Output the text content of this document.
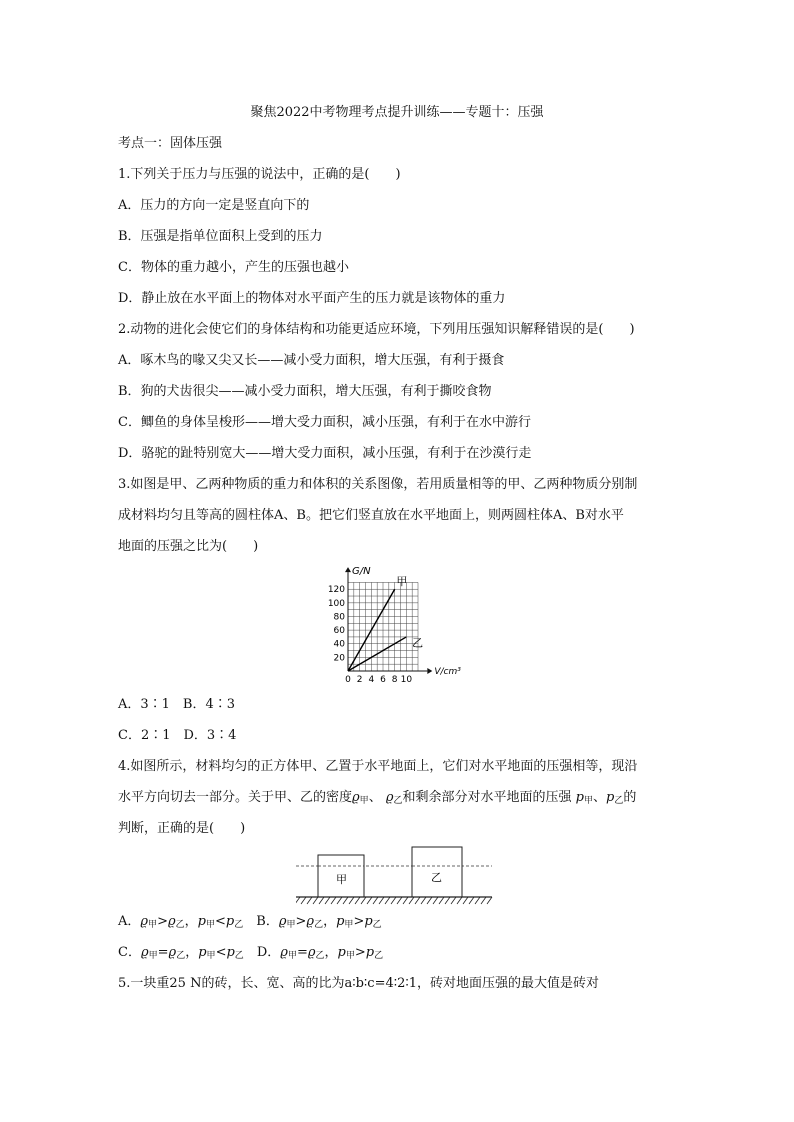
聚焦2022中考物理考点提升训练——专题十：压强
考点一：固体压强
1.下列关于压力与压强的说法中，正确的是(　　)
A．压力的方向一定是竖直向下的
B．压强是指单位面积上受到的压力
C．物体的重力越小，产生的压强也越小
D．静止放在水平面上的物体对水平面产生的压力就是该物体的重力
2.动物的进化会使它们的身体结构和功能更适应环境，下列用压强知识解释错误的是(　　)
A．啄木鸟的喙又尖又长——减小受力面积，增大压强，有利于摄食
B．狗的犬齿很尖——减小受力面积，增大压强，有利于撕咬食物
C．鲫鱼的身体呈梭形——增大受力面积，减小压强，有利于在水中游行
D．骆驼的趾特别宽大——增大受力面积，减小压强，有利于在沙漠行走
3.如图是甲、乙两种物质的重力和体积的关系图像，若用质量相等的甲、乙两种物质分别制
成材料均匀且等高的圆柱体A、B。把它们竖直放在水平地面上，则两圆柱体A、B对水平
地面的压强之比为(　　)
0 2 4 6 8 10
20
40
60
80
100
120
G/N
V/cm³
甲
乙
A．3∶1　B．4∶3
C．2∶1　D．3∶4
4.如图所示，材料均匀的正方体甲、乙置于水平地面上，它们对水平地面的压强相等，现沿
水平方向切去一部分。关于甲、乙的密度$ϱ_甲$、 $ϱ_乙$和剩余部分对水平地面的压强 $p_甲$、$p_乙$的
判断，正确的是(　　)
甲	乙
A．$ϱ_甲>ϱ_乙$，$p_甲<p_乙$　 B．$ϱ_甲>ϱ_乙$，$p_甲>p_乙$
C．$ϱ_甲=ϱ_乙$，$p_甲<p_乙$　 D．$ϱ_甲=ϱ_乙$，$p_甲>p_乙$
5.一块重25 N的砖，长、宽、高的比为a∶b∶c=4∶2∶1，砖对地面压强的最大值是砖对
